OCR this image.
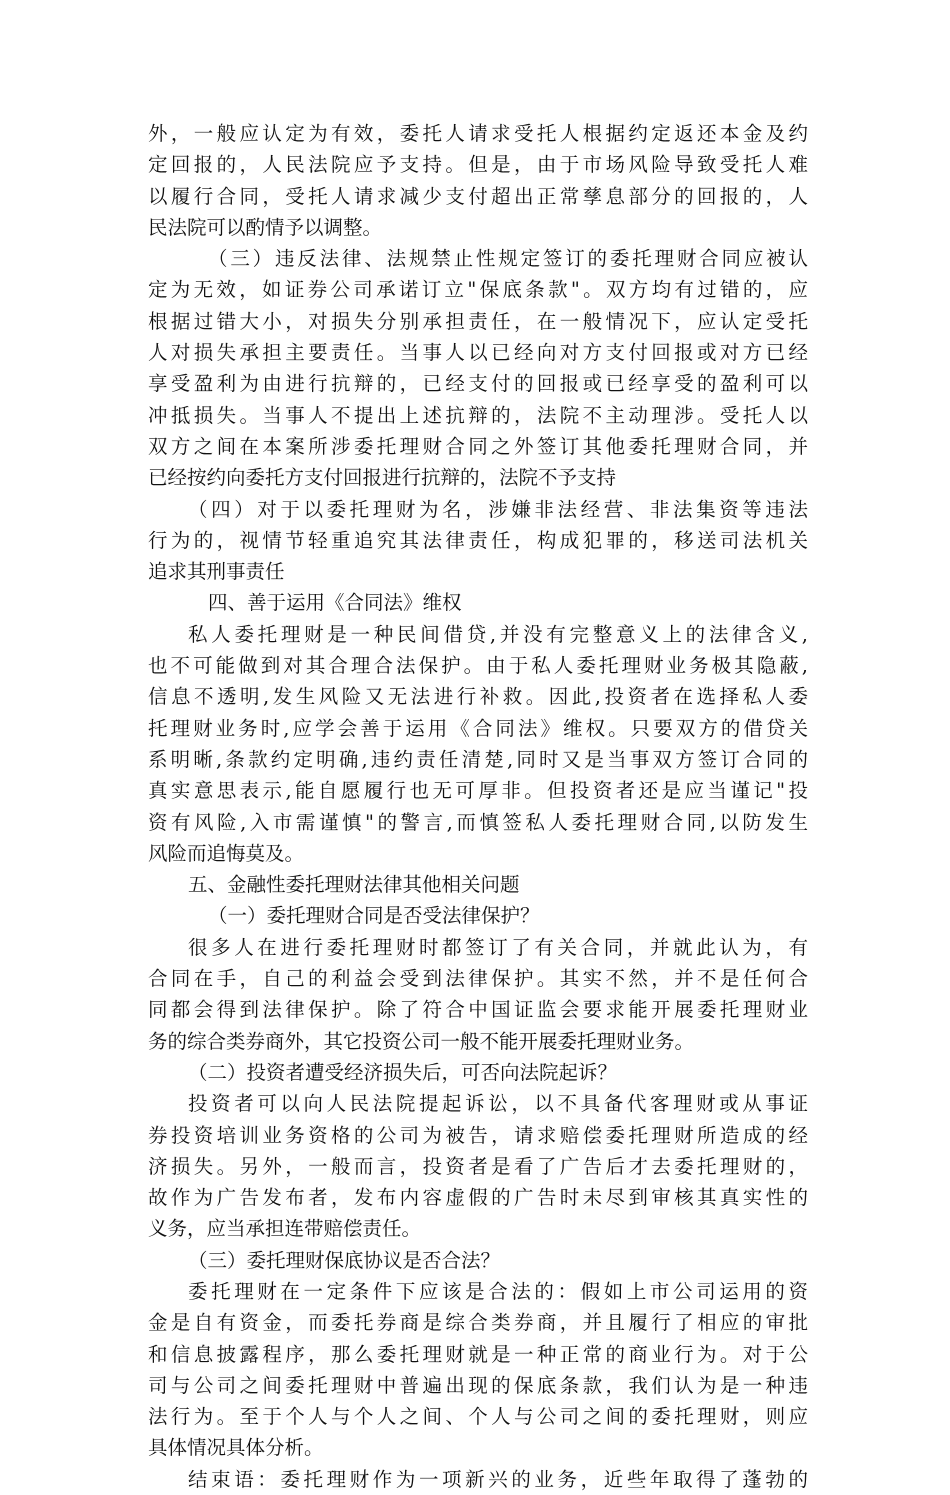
外，一般应认定为有效，委托人请求受托人根据约定返还本金及约

定回报的，人民法院应予支持。但是，由于市场风险导致受托人难

以履行合同，受托人请求减少支付超出正常孳息部分的回报的，人

民法院可以酌情予以调整。

（三）违反法律、法规禁止性规定签订的委托理财合同应被认

定为无效，如证券公司承诺订立"保底条款"。双方均有过错的，应

根据过错大小，对损失分别承担责任，在一般情况下，应认定受托

人对损失承担主要责任。当事人以已经向对方支付回报或对方已经

享受盈利为由进行抗辩的，已经支付的回报或已经享受的盈利可以

冲抵损失。当事人不提出上述抗辩的，法院不主动理涉。受托人以

双方之间在本案所涉委托理财合同之外签订其他委托理财合同，并

已经按约向委托方支付回报进行抗辩的，法院不予支持

（四）对于以委托理财为名，涉嫌非法经营、非法集资等违法

行为的，视情节轻重追究其法律责任，构成犯罪的，移送司法机关

追求其刑事责任

四、善于运用《合同法》维权

私人委托理财是一种民间借贷,并没有完整意义上的法律含义,

也不可能做到对其合理合法保护。由于私人委托理财业务极其隐蔽,

信息不透明,发生风险又无法进行补救。因此,投资者在选择私人委

托理财业务时,应学会善于运用《合同法》维权。只要双方的借贷关

系明晰,条款约定明确,违约责任清楚,同时又是当事双方签订合同的

真实意思表示,能自愿履行也无可厚非。但投资者还是应当谨记"投

资有风险,入市需谨慎"的警言,而慎签私人委托理财合同,以防发生

风险而追悔莫及。

五、金融性委托理财法律其他相关问题

（一）委托理财合同是否受法律保护？

很多人在进行委托理财时都签订了有关合同，并就此认为，有

合同在手，自己的利益会受到法律保护。其实不然，并不是任何合

同都会得到法律保护。除了符合中国证监会要求能开展委托理财业

务的综合类券商外，其它投资公司一般不能开展委托理财业务。

（二）投资者遭受经济损失后，可否向法院起诉？

投资者可以向人民法院提起诉讼，以不具备代客理财或从事证

券投资培训业务资格的公司为被告，请求赔偿委托理财所造成的经

济损失。另外，一般而言，投资者是看了广告后才去委托理财的，

故作为广告发布者，发布内容虚假的广告时未尽到审核其真实性的

义务，应当承担连带赔偿责任。

（三）委托理财保底协议是否合法？

委托理财在一定条件下应该是合法的：假如上市公司运用的资

金是自有资金，而委托券商是综合类券商，并且履行了相应的审批

和信息披露程序，那么委托理财就是一种正常的商业行为。对于公

司与公司之间委托理财中普遍出现的保底条款，我们认为是一种违

法行为。至于个人与个人之间、个人与公司之间的委托理财，则应

具体情况具体分析。

结束语：委托理财作为一项新兴的业务，近些年取得了蓬勃的
